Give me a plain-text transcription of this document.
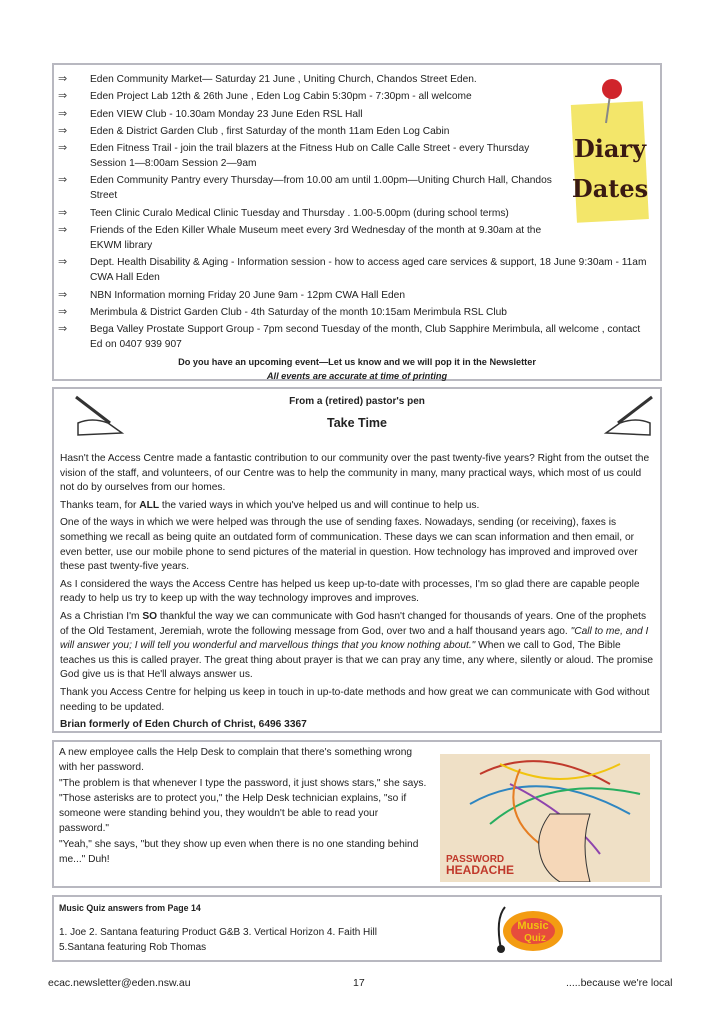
⇒ Eden Community Market— Saturday 21 June , Uniting Church, Chandos Street Eden.
⇒ Eden Project Lab 12th & 26th June , Eden Log Cabin 5:30pm - 7:30pm - all welcome
⇒ Eden VIEW Club - 10.30am Monday 23 June Eden RSL Hall
⇒ Eden & District Garden Club , first Saturday of the month 11am Eden Log Cabin
⇒ Eden Fitness Trail - join the trail blazers at the Fitness Hub on Calle Calle Street - every Thursday Session 1—8:00am Session 2—9am
⇒ Eden Community Pantry every Thursday—from 10.00 am until 1.00pm—Uniting Church Hall, Chandos Street
⇒ Teen Clinic Curalo Medical Clinic Tuesday and Thursday . 1.00-5.00pm (during school terms)
⇒ Friends of the Eden Killer Whale Museum meet every 3rd Wednesday of the month at 9.30am at the EKWM library
⇒ Dept. Health Disability & Aging - Information session - how to access aged care services & support, 18 June 9:30am - 11am CWA Hall Eden
⇒ NBN Information morning Friday 20 June 9am - 12pm CWA Hall Eden
⇒ Merimbula & District Garden Club - 4th Saturday of the month 10:15am Merimbula RSL Club
⇒ Bega Valley Prostate Support Group - 7pm second Tuesday of the month, Club Sapphire Merimbula, all welcome , contact Ed on 0407 939 907
Do you have an upcoming event—Let us know and we will pop it in the Newsletter
All events are accurate at time of printing
Diary
Dates
From a (retired) pastor's pen
Take Time

Hasn't the Access Centre made a fantastic contribution to our community over the past twenty-five years? Right from the outset the vision of the staff, and volunteers, of our Centre was to help the community in many, many practical ways, which most of us could not do by ourselves from our homes.

Thanks team, for ALL the varied ways in which you've helped us and will continue to help us.

One of the ways in which we were helped was through the use of sending faxes. Nowadays, sending (or receiving), faxes is something we recall as being quite an outdated form of communication. These days we can scan information and then email, or even better, use our mobile phone to send pictures of the material in question. How technology has improved and improved over these past twenty-five years.

As I considered the ways the Access Centre has helped us keep up-to-date with processes, I'm so glad there are capable people ready to help us try to keep up with the way technology improves and improves.

As a Christian I'm SO thankful the way we can communicate with God hasn't changed for thousands of years. One of the prophets of the Old Testament, Jeremiah, wrote the following message from God, over two and a half thousand years ago. "Call to me, and I will answer you; I will tell you wonderful and marvellous things that you know nothing about." When we call to God, The Bible teaches us this is called prayer. The great thing about prayer is that we can pray any time, any where, silently or aloud. The promise God give us is that He'll always answer us.

Thank you Access Centre for helping us keep in touch in up-to-date methods and how great we can communicate with God without needing to be updated.

Brian formerly of Eden Church of Christ, 6496 3367

A new employee calls the Help Desk to complain that there's something wrong with her password.

"The problem is that whenever I type the password, it just shows stars," she says.

"Those asterisks are to protect you," the Help Desk technician explains, "so if someone were standing behind you, they wouldn't be able to read your password."

"Yeah," she says, "but they show up even when there is no one standing behind me..." Duh!	PASSWORD
HEADACHE
Music Quiz answers from Page 14
1. Joe 2. Santana featuring Product G&B 3. Vertical Horizon 4. Faith Hill
5.Santana featuring Rob Thomas
Music
Quiz
ecac.newsletter@eden.nsw.au	17	.....because we're local
